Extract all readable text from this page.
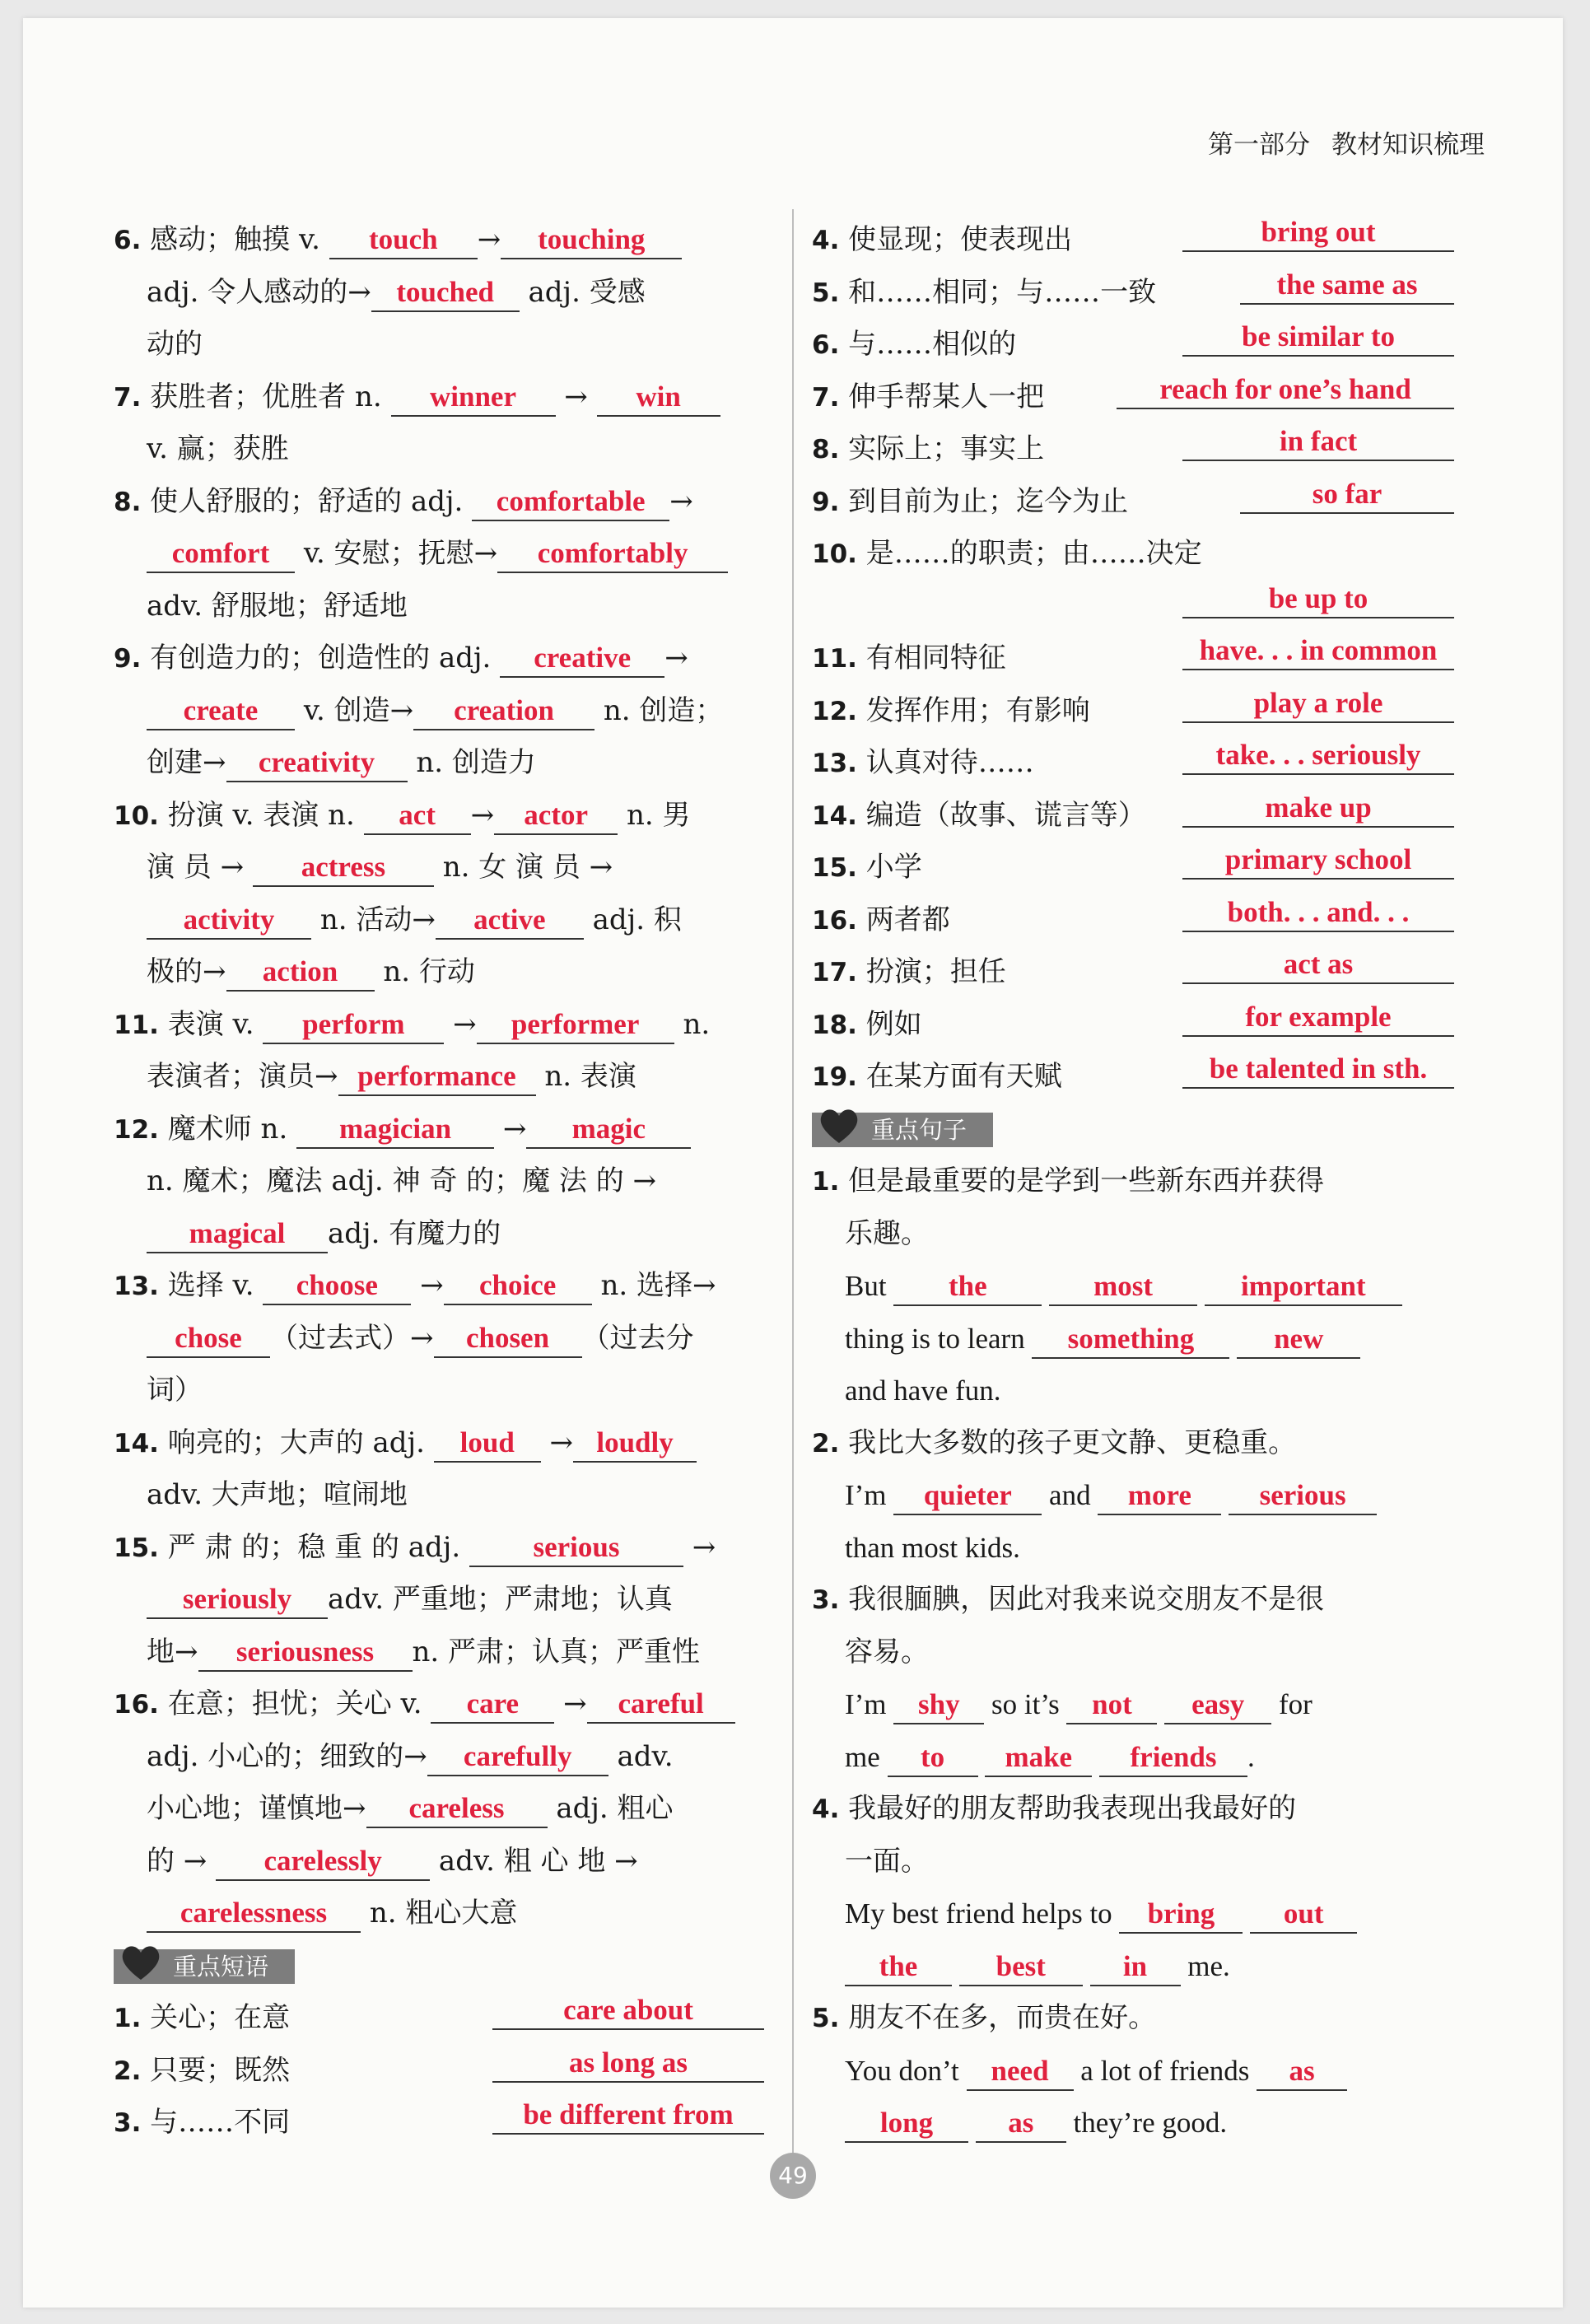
第一部分 教材知识梳理
6. 感动；触摸 v. touch → touching
adj. 令人感动的→ touched adj. 受感
动的
7. 获胜者；优胜者 n. winner → win
v. 赢；获胜
8. 使人舒服的；舒适的 adj. comfortable →
comfort v. 安慰；抚慰→ comfortably
adv. 舒服地；舒适地
9. 有创造力的；创造性的 adj. creative →
create v. 创造→ creation n. 创造；
创建→ creativity n. 创造力
10. 扮演 v. 表演 n. act → actor n. 男
演 员 → actress n. 女 演 员 →
activity n. 活动→ active adj. 积
极的→ action n. 行动
11. 表演 v. perform → performer n.
表演者；演员→ performance n. 表演
12. 魔术师 n. magician → magic
n. 魔术；魔法 adj. 神 奇 的；魔 法 的 →
magical adj. 有魔力的
13. 选择 v. choose → choice n. 选择→
chose （过去式）→ chosen （过去分
词）
14. 响亮的；大声的 adj. loud → loudly
adv. 大声地；喧闹地
15. 严 肃 的；稳 重 的 adj.	serious →
seriously adv. 严重地；严肃地；认真
地→ seriousness n. 严肃；认真；严重性
16. 在意；担忧；关心 v. care → careful
adj. 小心的；细致的→ carefully adv.
小心地；谨慎地→ careless adj. 粗心
的 → carelessly adv. 粗 心 地 →
carelessness n. 粗心大意
重点短语
1. 关心；在意	care about
2. 只要；既然	as long as
3. 与……不同	be different from
4. 使显现；使表现出	bring out
5. 和……相同；与……一致	the same as
6. 与……相似的	be similar to
7. 伸手帮某人一把	reach for one’s hand
8. 实际上；事实上	in fact
9. 到目前为止；迄今为止	so far
10. 是……的职责；由……决定
be up to
11. 有相同特征	have. . . in common
12. 发挥作用；有影响	play a role
13. 认真对待……	take. . . seriously
14. 编造（故事、谎言等）	make up
15. 小学	primary school
16. 两者都	both. . . and. . .
17. 扮演；担任	act as
18. 例如	for example
19. 在某方面有天赋	be talented in sth.
重点句子
1. 但是最重要的是学到一些新东西并获得
乐趣。
But the	most	important
thing is to learn something	new
and have fun.
2. 我比大多数的孩子更文静、更稳重。
I’m quieter and more serious
than most kids.
3. 我很腼腆，因此对我来说交朋友不是很
容易。
I’m shy so it’s not easy for
me to make friends .
4. 我最好的朋友帮助我表现出我最好的
一面。
My best friend helps to bring out
the	best	in me.
5. 朋友不在多，而贵在好。
You don’t need a lot of friends as
long	as they’re good.
49
